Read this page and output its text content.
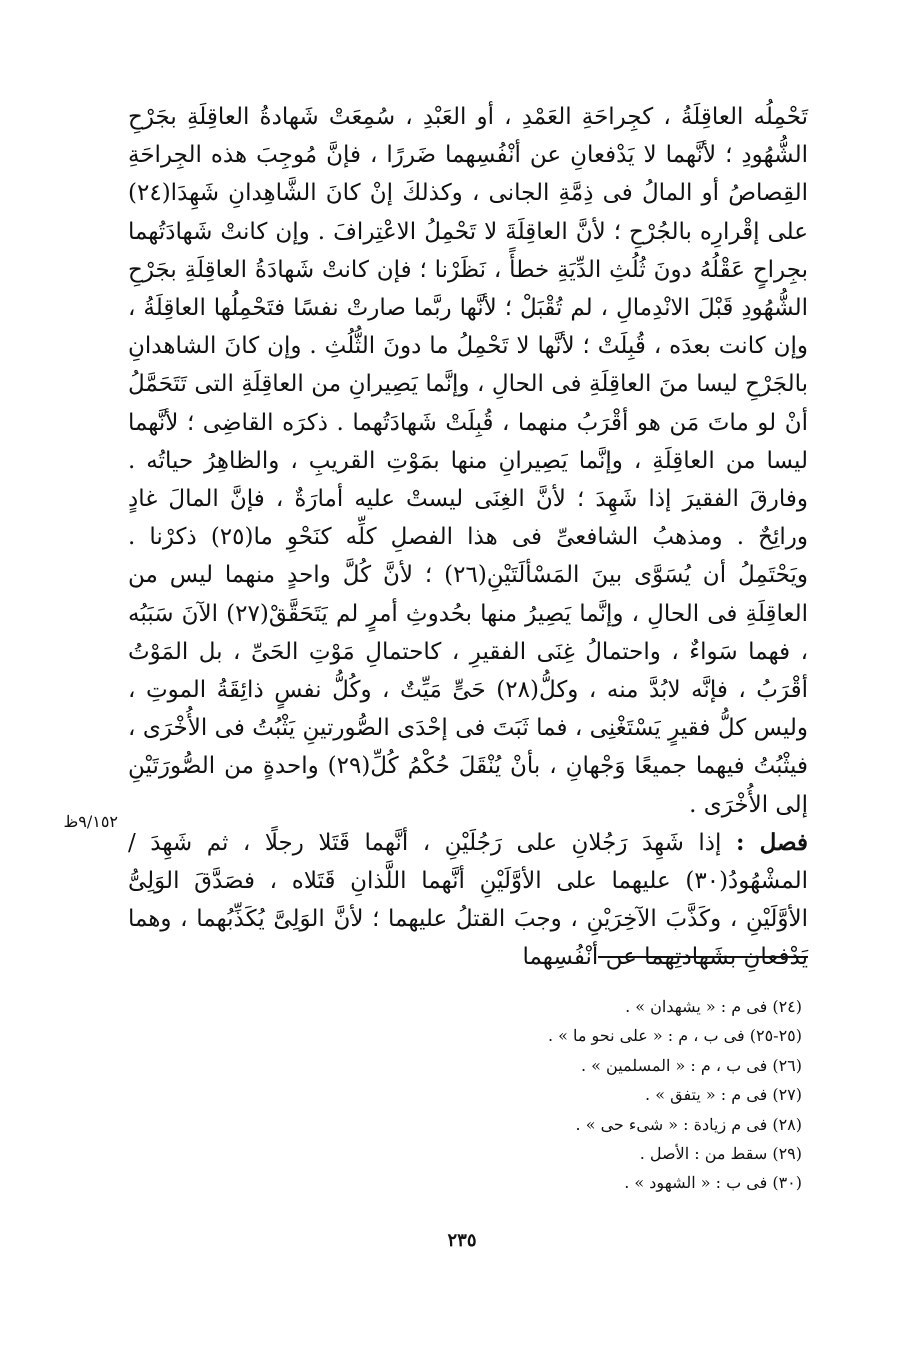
تَحْمِلُه العاقِلَةُ ، كجِراحَةِ العَمْدِ ، أو العَبْدِ ، سُمِعَتْ شَهادةُ العاقِلَةِ بجَرْحِ الشُّهُودِ ؛ لأنَّهما لا يَدْفعانِ عن أنْفُسِهما ضَررًا ، فإنَّ مُوجِبَ هذه الجِراحَةِ القِصاصُ أو المالُ فى ذِمَّةِ الجانى ، وكذلكَ إنْ كانَ الشَّاهِدانِ شَهِدَا(٢٤) على إقْرارِه بالجُرْحِ ؛ لأنَّ العاقِلَةَ لا تَحْمِلُ الاعْتِرافَ . وإن كانتْ شَهادَتُهما بجِراحٍ عَقْلُهُ دونَ ثُلُثِ الدِّيَةِ خطأً ، نَظَرْنا ؛ فإن كانتْ شَهادَةُ العاقِلَةِ بجَرْحِ الشُّهُودِ قَبْلَ الانْدِمالِ ، لم تُقْبَلْ ؛ لأنَّها ربَّما صارتْ نفسًا فتَحْمِلُها العاقِلَةُ ، وإن كانت بعدَه ، قُبِلَتْ ؛ لأنَّها لا تَحْمِلُ ما دونَ الثُّلُثِ . وإن كانَ الشاهدانِ بالجَرْحِ ليسا منَ العاقِلَةِ فى الحالِ ، وإنَّما يَصِيرانِ من العاقِلَةِ التى تَتَحَمَّلُ أنْ لو ماتَ مَن هو أقْرَبُ منهما ، قُبِلَتْ شَهادَتُهما . ذكرَه القاضِى ؛ لأنَّهما ليسا من العاقِلَةِ ، وإنَّما يَصِيرانِ منها بمَوْتِ القريبِ ، والظاهِرُ حياتُه . وفارقَ الفقيرَ إذا شَهِدَ ؛ لأنَّ الغِنَى ليستْ عليه أمارَةٌ ، فإنَّ المالَ غادٍ ورائِحٌ . ومذهبُ الشافعىِّ فى هذا الفصلِ كلِّه كنَحْوِ ما(٢٥) ذكرْنا . ويَحْتَمِلُ أن يُسَوَّى بينَ المَسْألَتَيْنِ(٢٦) ؛ لأنَّ كُلَّ واحدٍ منهما ليس من العاقِلَةِ فى الحالِ ، وإنَّما يَصِيرُ منها بحُدوثِ أمرٍ لم يَتَحَقَّقْ(٢٧) الآنَ سَبَبُه ، فهما سَواءٌ ، واحتمالُ غِنَى الفقيرِ ، كاحتمالِ مَوْتِ الحَىِّ ، بل المَوْتُ أقْرَبُ ، فإنَّه لابُدَّ منه ، وكلُّ(٢٨) حَىٍّ مَيِّتٌ ، وكُلُّ نفسٍ ذائِقَةُ الموتِ ، وليس كلُّ فقيرٍ يَسْتَغْنِى ، فما ثَبَتَ فى إحْدَى الصُّورتينِ يَثْبُتُ فى الأُخْرَى ، فيثْبُتُ فيهما جميعًا وَجْهانِ ، بأنْ يُنْقَلَ حُكْمُ كُلِّ(٢٩) واحدةٍ من الصُّورَتَيْنِ إلى الأُخْرَى .

فصل : إذا شَهِدَ رَجُلانِ على رَجُلَيْنِ ، أنَّهما قَتَلا رجلًا ، ثم شَهِدَ / المشْهُودُ(٣٠) عليهما على الأوَّلَيْنِ أنَّهما اللَّذانِ قَتَلاه ، فصَدَّقَ الوَلِىُّ الأوَّلَيْنِ ، وكَذَّبَ الآخِرَيْنِ ، وجبَ القتلُ عليهما ؛ لأنَّ الوَلِىَّ يُكَذِّبُهما ، وهما يَدْفعانِ بشَهادتِهما عن أنْفُسِهما

٩/١٥٢ظ
(٢٤) فى م : « يشهدان » .
(٢٥-٢٥) فى ب ، م : « على نحو ما » .
(٢٦) فى ب ، م : « المسلمين » .
(٢٧) فى م : « يتفق » .
(٢٨) فى م زيادة : « شىء حى » .
(٢٩) سقط من : الأصل .
(٣٠) فى ب : « الشهود » .
٢٣٥
